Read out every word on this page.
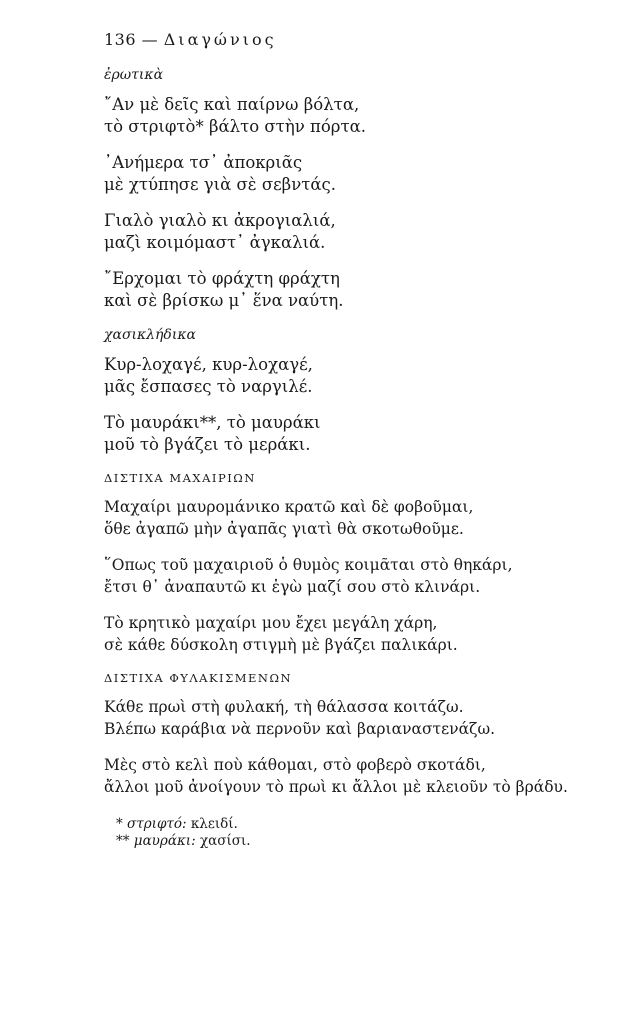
136 — Διαγώνιος
ἐρωτικὰ
῎Αν μὲ δεῖς καὶ παίρνω βόλτα,
τὸ στριφτὸ* βάλτο στὴν πόρτα.
᾽Ανήμερα τσ᾽ ἀποκριᾶς
μὲ χτύπησε γιὰ σὲ σεβντάς.
Γιαλὸ γιαλὸ κι ἀκρογιαλιά,
μαζὶ κοιμόμαστ᾽ ἀγκαλιά.
῎Ερχομαι τὸ φράχτη φράχτη
καὶ σὲ βρίσκω μ᾽ ἕνα ναύτη.
χασικλήδικα
Κυρ-λοχαγέ, κυρ-λοχαγέ,
μᾶς ἔσπασες τὸ ναργιλέ.
Τὸ μαυράκι**, τὸ μαυράκι
μοῦ τὸ βγάζει τὸ μεράκι.
ΔΙΣΤΙΧΑ ΜΑΧΑΙΡΙΩΝ
Μαχαίρι μαυρομάνικο κρατῶ καὶ δὲ φοβοῦμαι,
ὅθε ἀγαπῶ μὴν ἀγαπᾶς γιατὶ θὰ σκοτωθοῦμε.
῞Οπως τοῦ μαχαιριοῦ ὁ θυμὸς κοιμᾶται στὸ θηκάρι,
ἔτσι θ᾽ ἀναπαυτῶ κι ἐγὼ μαζί σου στὸ κλινάρι.
Τὸ κρητικὸ μαχαίρι μου ἔχει μεγάλη χάρη,
σὲ κάθε δύσκολη στιγμὴ μὲ βγάζει παλικάρι.
ΔΙΣΤΙΧΑ ΦΥΛΑΚΙΣΜΕΝΩΝ
Κάθε πρωὶ στὴ φυλακή, τὴ θάλασσα κοιτάζω.
Βλέπω καράβια νὰ περνοῦν καὶ βαριαναστενάζω.
Μὲς στὸ κελὶ ποὺ κάθομαι, στὸ φοβερὸ σκοτάδι,
ἄλλοι μοῦ ἀνοίγουν τὸ πρωὶ κι ἄλλοι μὲ κλειοῦν τὸ βράδυ.
* στριφτό: κλειδί.
** μαυράκι: χασίσι.
